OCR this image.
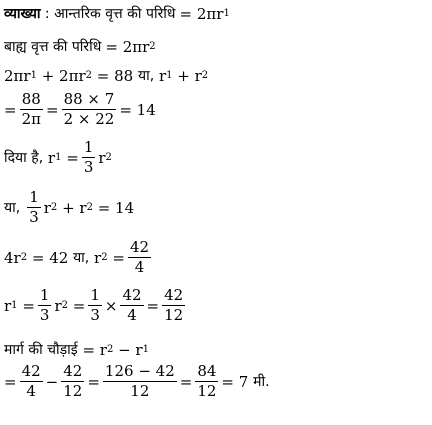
व्याख्या : आन्तरिक वृत्त की परिधि = 2πr 1
बाह्य वृत्त की परिधि = 2πr 2
2πr 1 + 2πr 2 = 88 या, r 1 + r 2
= $\frac{88}{2\pi} = \frac{88 \times 7}{2 \times 22} = 14$
दिया है, r $1 = \frac{1}{3}$ r 2
या, $\frac{1}{3}$ r 2 + r 2 = 14
4r 2 = 42 या, r $2 = \frac{42}{4}$
r $1 = \frac{1}{3}$ r $2 = \frac{1}{3} \times \frac{42}{4} = \frac{42}{12}$
मार्ग की चौड़ाई = r 2 − r 1
= $\frac{42}{4} - \frac{42}{12} = \frac{126 - 42}{12} = \frac{84}{12} = 7$ मी.
